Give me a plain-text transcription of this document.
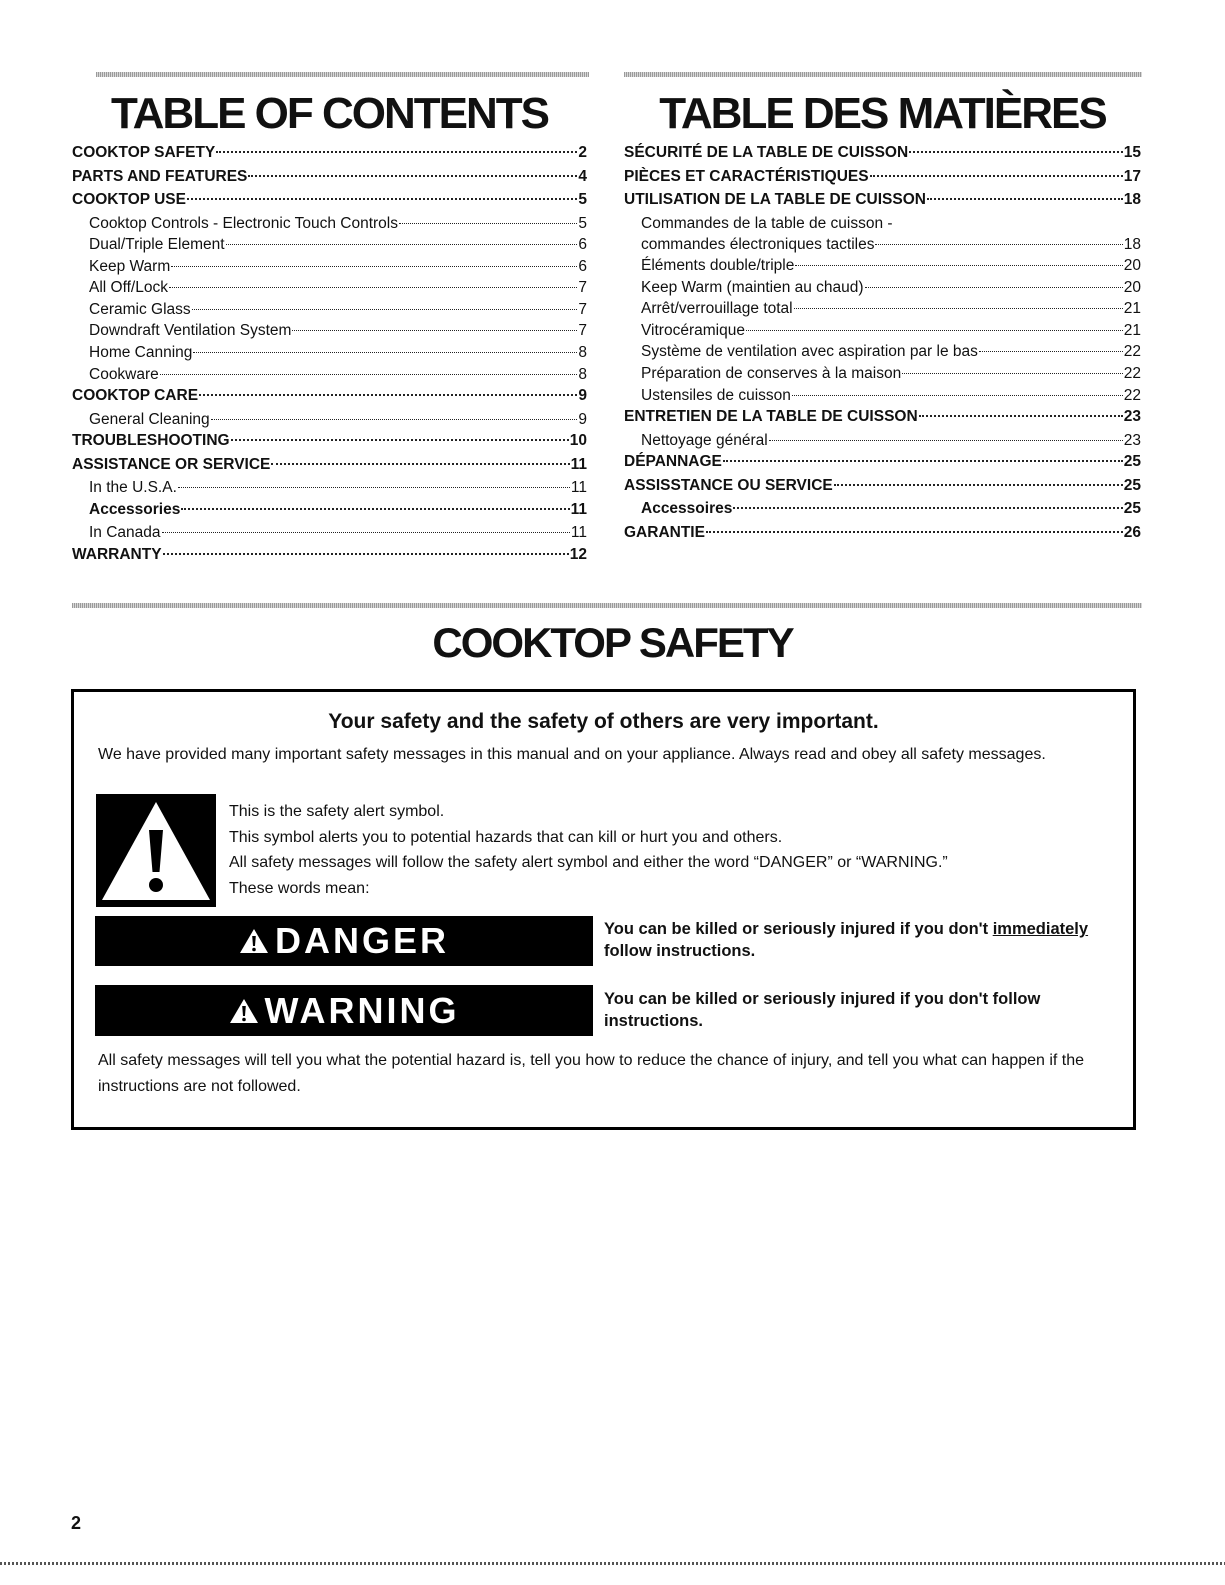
TABLE OF CONTENTS
COOKTOP SAFETY	2
PARTS AND FEATURES	4
COOKTOP USE	5
Cooktop Controls - Electronic Touch Controls	5
Dual/Triple Element	6
Keep Warm	6
All Off/Lock	7
Ceramic Glass	7
Downdraft Ventilation System	7
Home Canning	8
Cookware	8
COOKTOP CARE	9
General Cleaning	9
TROUBLESHOOTING	10
ASSISTANCE OR SERVICE	11
In the U.S.A.	11
Accessories	11
In Canada	11
WARRANTY	12
TABLE DES MATIÈRES
SÉCURITÉ DE LA TABLE DE CUISSON	15
PIÈCES ET CARACTÉRISTIQUES	17
UTILISATION DE LA TABLE DE CUISSON	18
Commandes de la table de cuisson -
commandes électroniques tactiles	18
Éléments double/triple	20
Keep Warm (maintien au chaud)	20
Arrêt/verrouillage total	21
Vitrocéramique	21
Système de ventilation avec aspiration par le bas	22
Préparation de conserves à la maison	22
Ustensiles de cuisson	22
ENTRETIEN DE LA TABLE DE CUISSON	23
Nettoyage général	23
DÉPANNAGE	25
ASSISSTANCE OU SERVICE	25
Accessoires	25
GARANTIE	26
COOKTOP SAFETY
Your safety and the safety of others are very important.
We have provided many important safety messages in this manual and on your appliance. Always read and obey all safety messages.
This is the safety alert symbol.
This symbol alerts you to potential hazards that can kill or hurt you and others.
All safety messages will follow the safety alert symbol and either the word “DANGER” or “WARNING.”
These words mean:
DANGER	You can be killed or seriously injured if you don't immediately
follow instructions.
WARNING	You can be killed or seriously injured if you don't follow instructions.
All safety messages will tell you what the potential hazard is, tell you how to reduce the chance of injury, and tell you what can happen if the instructions are not followed.
2
